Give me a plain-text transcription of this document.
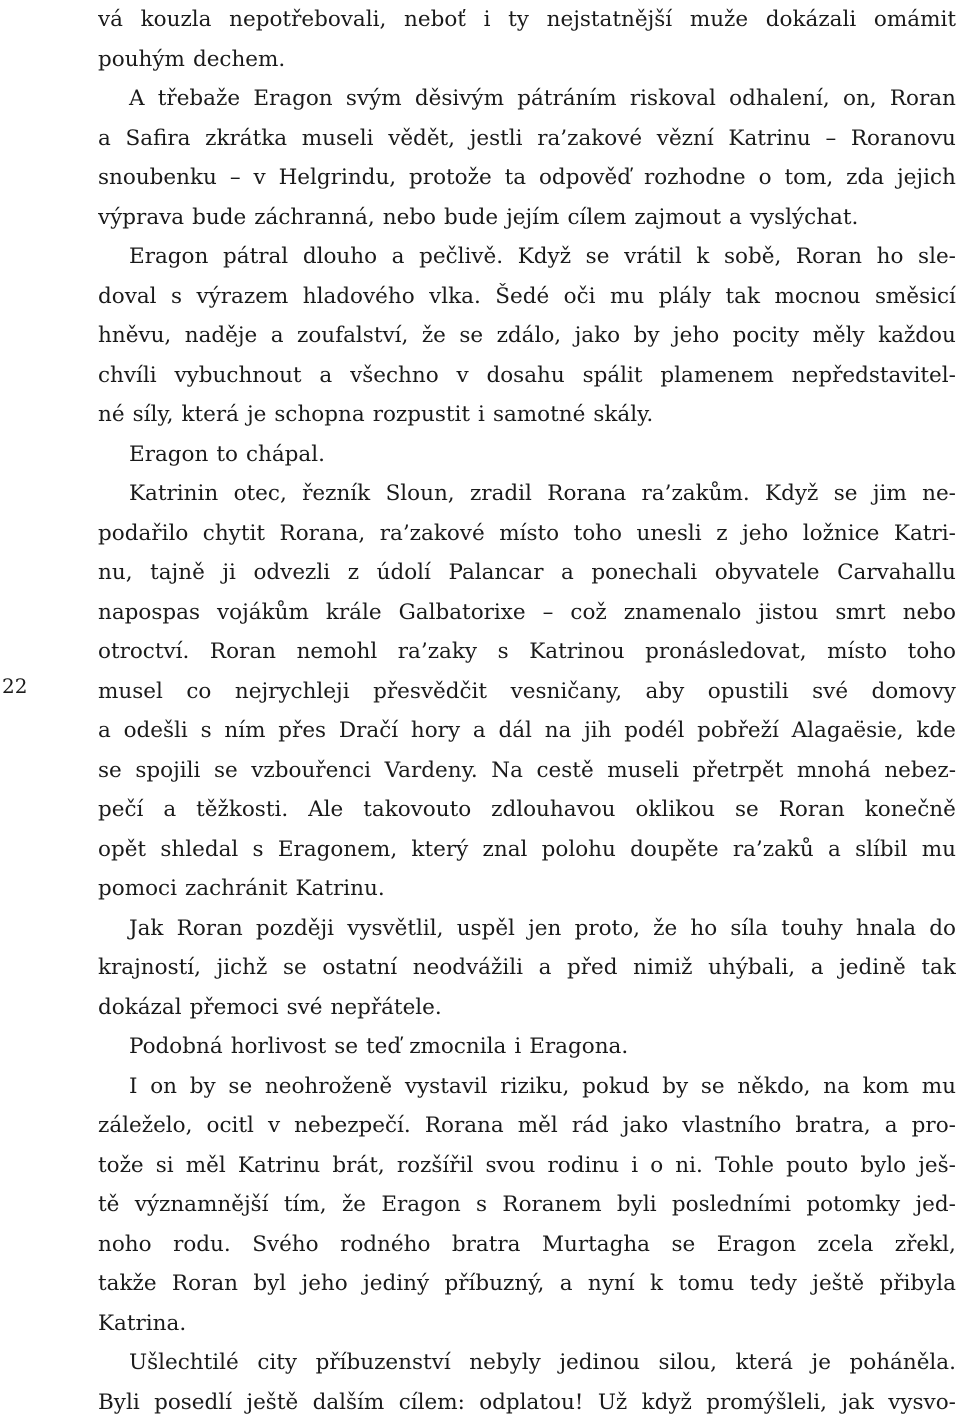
22
vá kouzla nepotřebovali, neboť i ty nejstatnější muže dokázali omámit
pouhým dechem.
A třebaže Eragon svým děsivým pátráním riskoval odhalení, on, Roran
a Safira zkrátka museli vědět, jestli ra’zakové vězní Katrinu – Roranovu
snoubenku – v Helgrindu, protože ta odpověď rozhodne o tom, zda jejich
výprava bude záchranná, nebo bude jejím cílem zajmout a vyslýchat.
Eragon pátral dlouho a pečlivě. Když se vrátil k sobě, Roran ho sle-
doval s výrazem hladového vlka. Šedé oči mu plály tak mocnou směsicí
hněvu, naděje a zoufalství, že se zdálo, jako by jeho pocity měly každou
chvíli vybuchnout a všechno v dosahu spálit plamenem nepředstavitel-
né síly, která je schopna rozpustit i samotné skály.
Eragon to chápal.
Katrinin otec, řezník Sloun, zradil Rorana ra’zakům. Když se jim ne-
podařilo chytit Rorana, ra’zakové místo toho unesli z jeho ložnice Katri-
nu, tajně ji odvezli z údolí Palancar a ponechali obyvatele Carvahallu
napospas vojákům krále Galbatorixe – což znamenalo jistou smrt nebo
otroctví. Roran nemohl ra’zaky s Katrinou pronásledovat, místo toho
musel co nejrychleji přesvědčit vesničany, aby opustili své domovy
a odešli s ním přes Dračí hory a dál na jih podél pobřeží Alagaësie, kde
se spojili se vzbouřenci Vardeny. Na cestě museli přetrpět mnohá nebez-
pečí a těžkosti. Ale takovouto zdlouhavou oklikou se Roran konečně
opět shledal s Eragonem, který znal polohu doupěte ra’zaků a slíbil mu
pomoci zachránit Katrinu.
Jak Roran později vysvětlil, uspěl jen proto, že ho síla touhy hnala do
krajností, jichž se ostatní neodvážili a před nimiž uhýbali, a jedině tak
dokázal přemoci své nepřátele.
Podobná horlivost se teď zmocnila i Eragona.
I on by se neohroženě vystavil riziku, pokud by se někdo, na kom mu
záleželo, ocitl v nebezpečí. Rorana měl rád jako vlastního bratra, a pro-
tože si měl Katrinu brát, rozšířil svou rodinu i o ni. Tohle pouto bylo ješ-
tě významnější tím, že Eragon s Roranem byli posledními potomky jed-
noho rodu. Svého rodného bratra Murtagha se Eragon zcela zřekl,
takže Roran byl jeho jediný příbuzný, a nyní k tomu tedy ještě přibyla
Katrina.
Ušlechtilé city příbuzenství nebyly jedinou silou, která je poháněla.
Byli posedlí ještě dalším cílem: odplatou! Už když promýšleli, jak vysvo-
